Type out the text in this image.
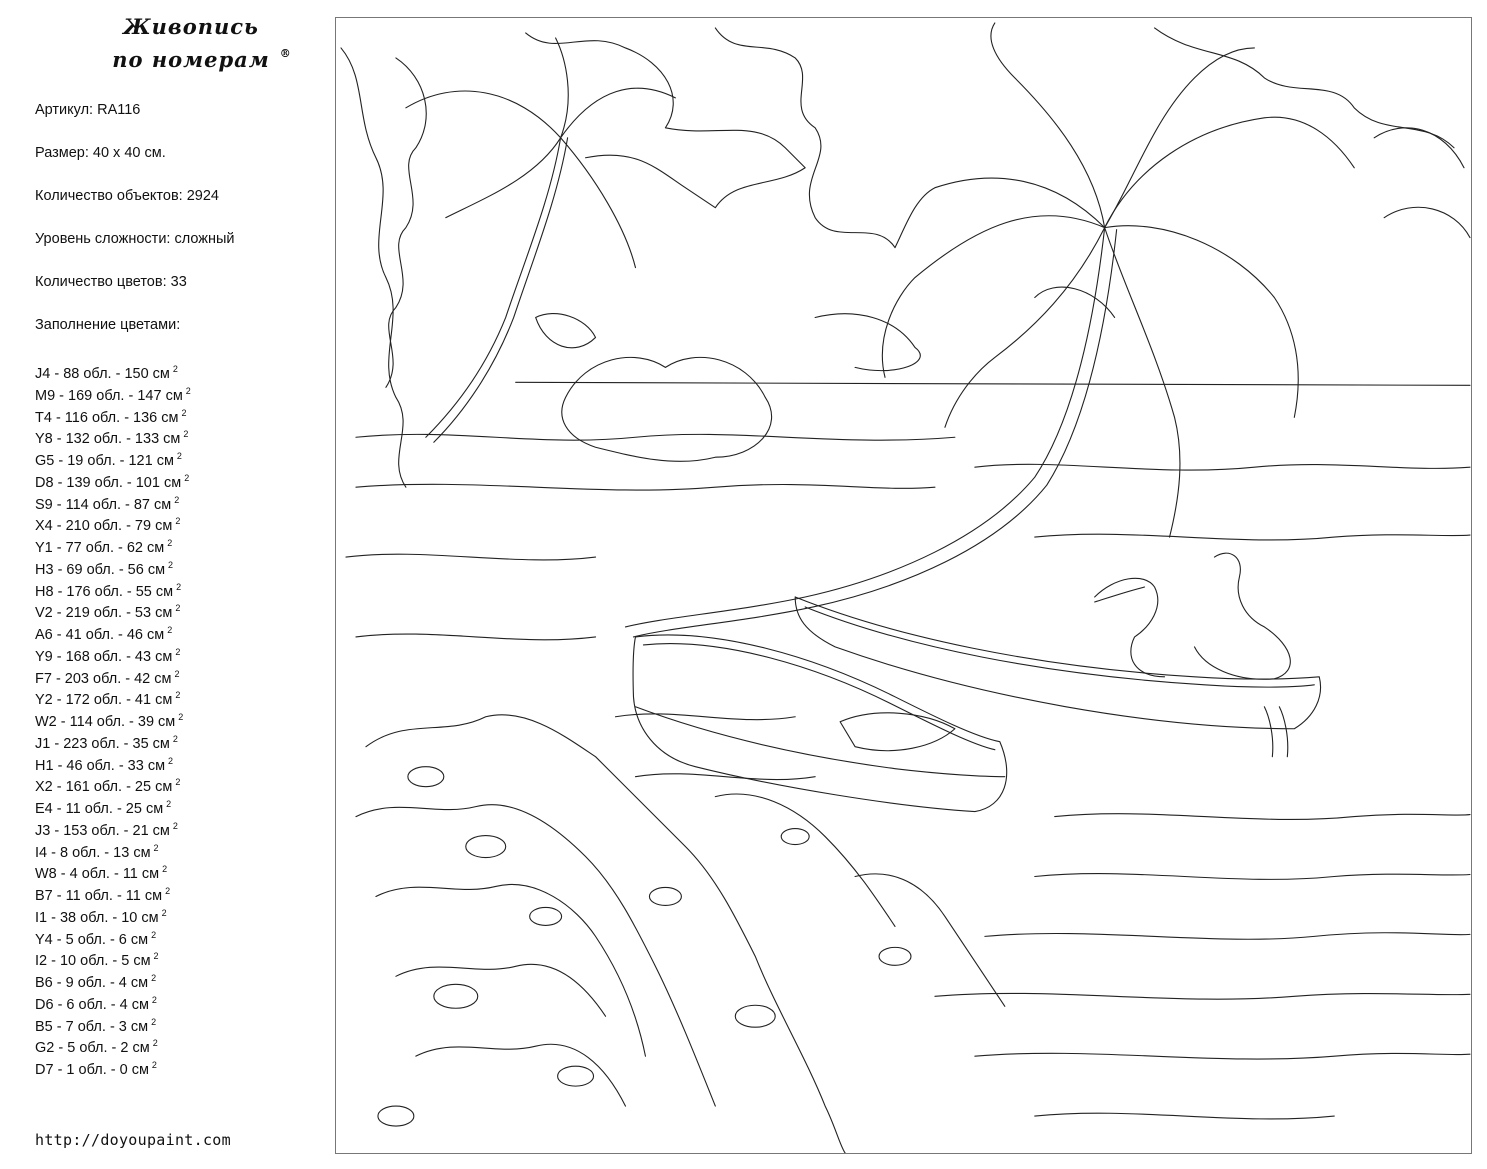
Живопись
по номерам ®
Артикул: RA116
Размер: 40 х 40 см.
Количество объектов: 2924
Уровень сложности: сложный
Количество цветов: 33
Заполнение цветами:
J4 - 88 обл. - 150 см $^2$
M9 - 169 обл. - 147 см $^2$
T4 - 116 обл. - 136 см $^2$
Y8 - 132 обл. - 133 см $^2$
G5 - 19 обл. - 121 см $^2$
D8 - 139 обл. - 101 см $^2$
S9 - 114 обл. - 87 см $^2$
X4 - 210 обл. - 79 см $^2$
Y1 - 77 обл. - 62 см $^2$
H3 - 69 обл. - 56 см $^2$
H8 - 176 обл. - 55 см $^2$
V2 - 219 обл. - 53 см $^2$
A6 - 41 обл. - 46 см $^2$
Y9 - 168 обл. - 43 см $^2$
F7 - 203 обл. - 42 см $^2$
Y2 - 172 обл. - 41 см $^2$
W2 - 114 обл. - 39 см $^2$
J1 - 223 обл. - 35 см $^2$
H1 - 46 обл. - 33 см $^2$
X2 - 161 обл. - 25 см $^2$
E4 - 11 обл. - 25 см $^2$
J3 - 153 обл. - 21 см $^2$
I4 - 8 обл. - 13 см $^2$
W8 - 4 обл. - 11 см $^2$
B7 - 11 обл. - 11 см $^2$
I1 - 38 обл. - 10 см $^2$
Y4 - 5 обл. - 6 см $^2$
I2 - 10 обл. - 5 см $^2$
B6 - 9 обл. - 4 см $^2$
D6 - 6 обл. - 4 см $^2$
B5 - 7 обл. - 3 см $^2$
G2 - 5 обл. - 2 см $^2$
D7 - 1 обл. - 0 см $^2$
http://doyoupaint.com
